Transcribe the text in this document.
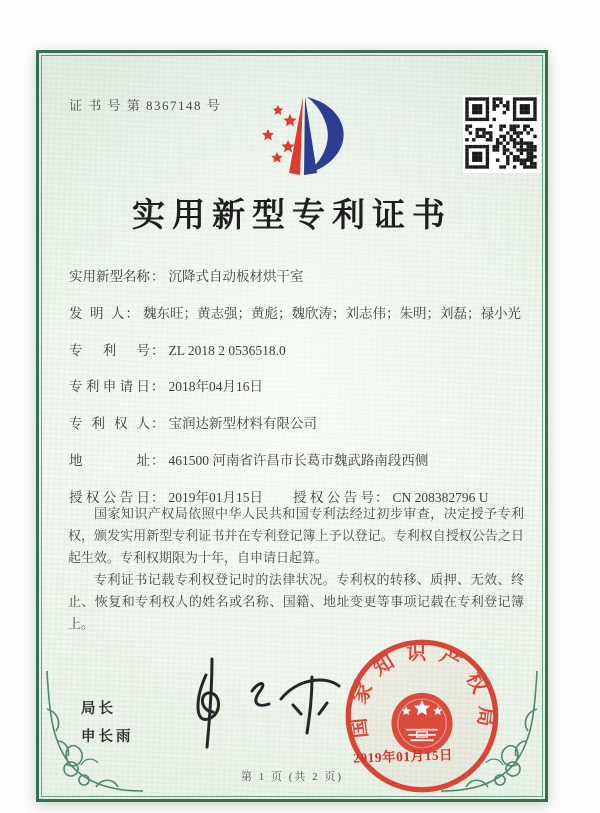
证 书 号 第 8367148 号
实用新型专利证书
实用新型名称 ： 沉降式自动板材烘干室
发明人 ： 魏东旺；黄志强；黄彪；魏欣涛；刘志伟；朱明；刘磊；禄小光
专利号 ： ZL 2018 2 0536518.0
专利申请日 ： 2018年04月16日
专利权人 ： 宝润达新型材料有限公司
地址 ： 461500 河南省许昌市长葛市魏武路南段西侧
授权公告日 ： 2019年01月15日 授权公告号 ： CN 208382796 U

国家知识产权局依照中华人民共和国专利法经过初步审查，决定授予专利权，颁发实用新型专利证书并在专利登记簿上予以登记。专利权自授权公告之日起生效。专利权期限为十年，自申请日起算。

专利证书记载专利权登记时的法律状况。专利权的转移、质押、无效、终止、恢复和专利权人的姓名或名称、国籍、地址变更等事项记载在专利登记簿上。

局长
申长雨	国家知识产权局
2019年01月15日
第 1 页 (共 2 页)
